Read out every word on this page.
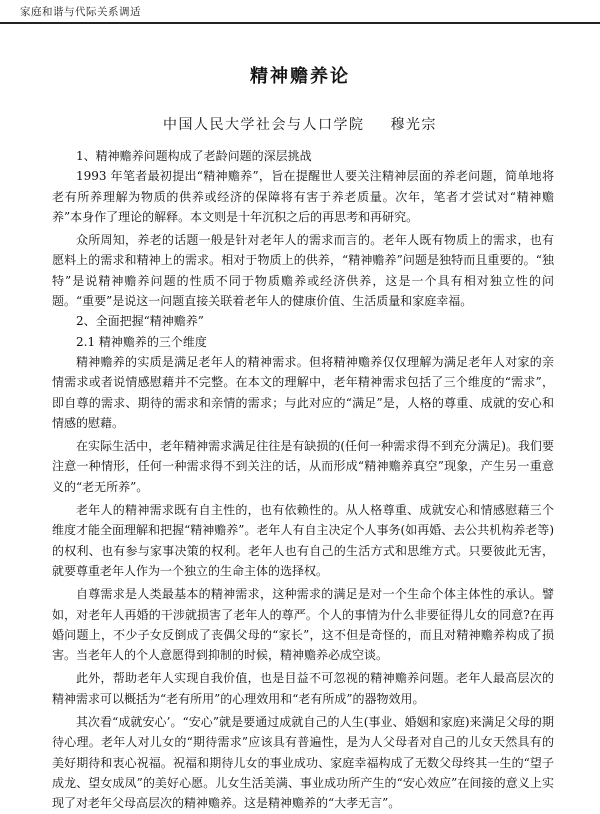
家庭和谐与代际关系调适
精神赡养论
中国人民大学社会与人口学院 穆光宗
1、精神赡养问题构成了老龄问题的深层挑战

1993 年笔者最初提出“精神赡养”，旨在提醒世人要关注精神层面的养老问题，简单地将老有所养理解为物质的供养或经济的保障将有害于养老质量。次年，笔者才尝试对“精神赡养”本身作了理论的解释。本文则是十年沉积之后的再思考和再研究。

众所周知，养老的话题一般是针对老年人的需求而言的。老年人既有物质上的需求，也有愿料上的需求和精神上的需求。相对于物质上的供养，“精神赡养”问题是独特而且重要的。“独特”是说精神赡养问题的性质不同于物质赡养或经济供养，这是一个具有相对独立性的问题。“重要”是说这一问题直接关联着老年人的健康价值、生活质量和家庭幸福。

2、全面把握“精神赡养”
2.1 精神赡养的三个维度

精神赡养的实质是满足老年人的精神需求。但将精神赡养仅仅理解为满足老年人对家的亲情需求或者说情感慰藉并不完整。在本文的理解中，老年精神需求包括了三个维度的“需求”，即自尊的需求、期待的需求和亲情的需求；与此对应的“满足”是，人格的尊重、成就的安心和情感的慰藉。

在实际生活中，老年精神需求满足往往是有缺损的(任何一种需求得不到充分满足)。我们要注意一种情形，任何一种需求得不到关注的话，从而形成“精神赡养真空”现象，产生另一重意义的“老无所养”。

老年人的精神需求既有自主性的，也有依赖性的。从人格尊重、成就安心和情感慰藉三个维度才能全面理解和把握“精神赡养”。老年人有自主决定个人事务(如再婚、去公共机构养老等)的权利、也有参与家事决策的权利。老年人也有自己的生活方式和思维方式。只要彼此无害，就要尊重老年人作为一个独立的生命主体的选择权。

自尊需求是人类最基本的精神需求，这种需求的满足是对一个生命个体主体性的承认。譬如，对老年人再婚的干涉就损害了老年人的尊严。个人的事情为什么非要征得儿女的同意?在再婚问题上，不少子女反倒成了丧偶父母的“家长”，这不但是奇怪的，而且对精神赡养构成了损害。当老年人的个人意愿得到抑制的时候，精神赡养必成空谈。

此外，帮助老年人实现自我价值，也是目益不可忽视的精神赡养问题。老年人最高层次的精神需求可以概括为“老有所用”的心理效用和“老有所成”的器物效用。

其次看“成就安心’。“安心”就是要通过成就自己的人生(事业、婚姻和家庭)来满足父母的期待心理。老年人对儿女的“期待需求”应该具有普遍性，是为人父母者对自己的儿女天然具有的美好期待和衷心祝福。祝福和期待儿女的事业成功、家庭幸福构成了无数父母终其一生的“望子成龙、望女成凤”的美好心愿。儿女生活美满、事业成功所产生的“安心效应”在间接的意义上实现了对老年父母高层次的精神赡养。这是精神赡养的“大孝无言”。
